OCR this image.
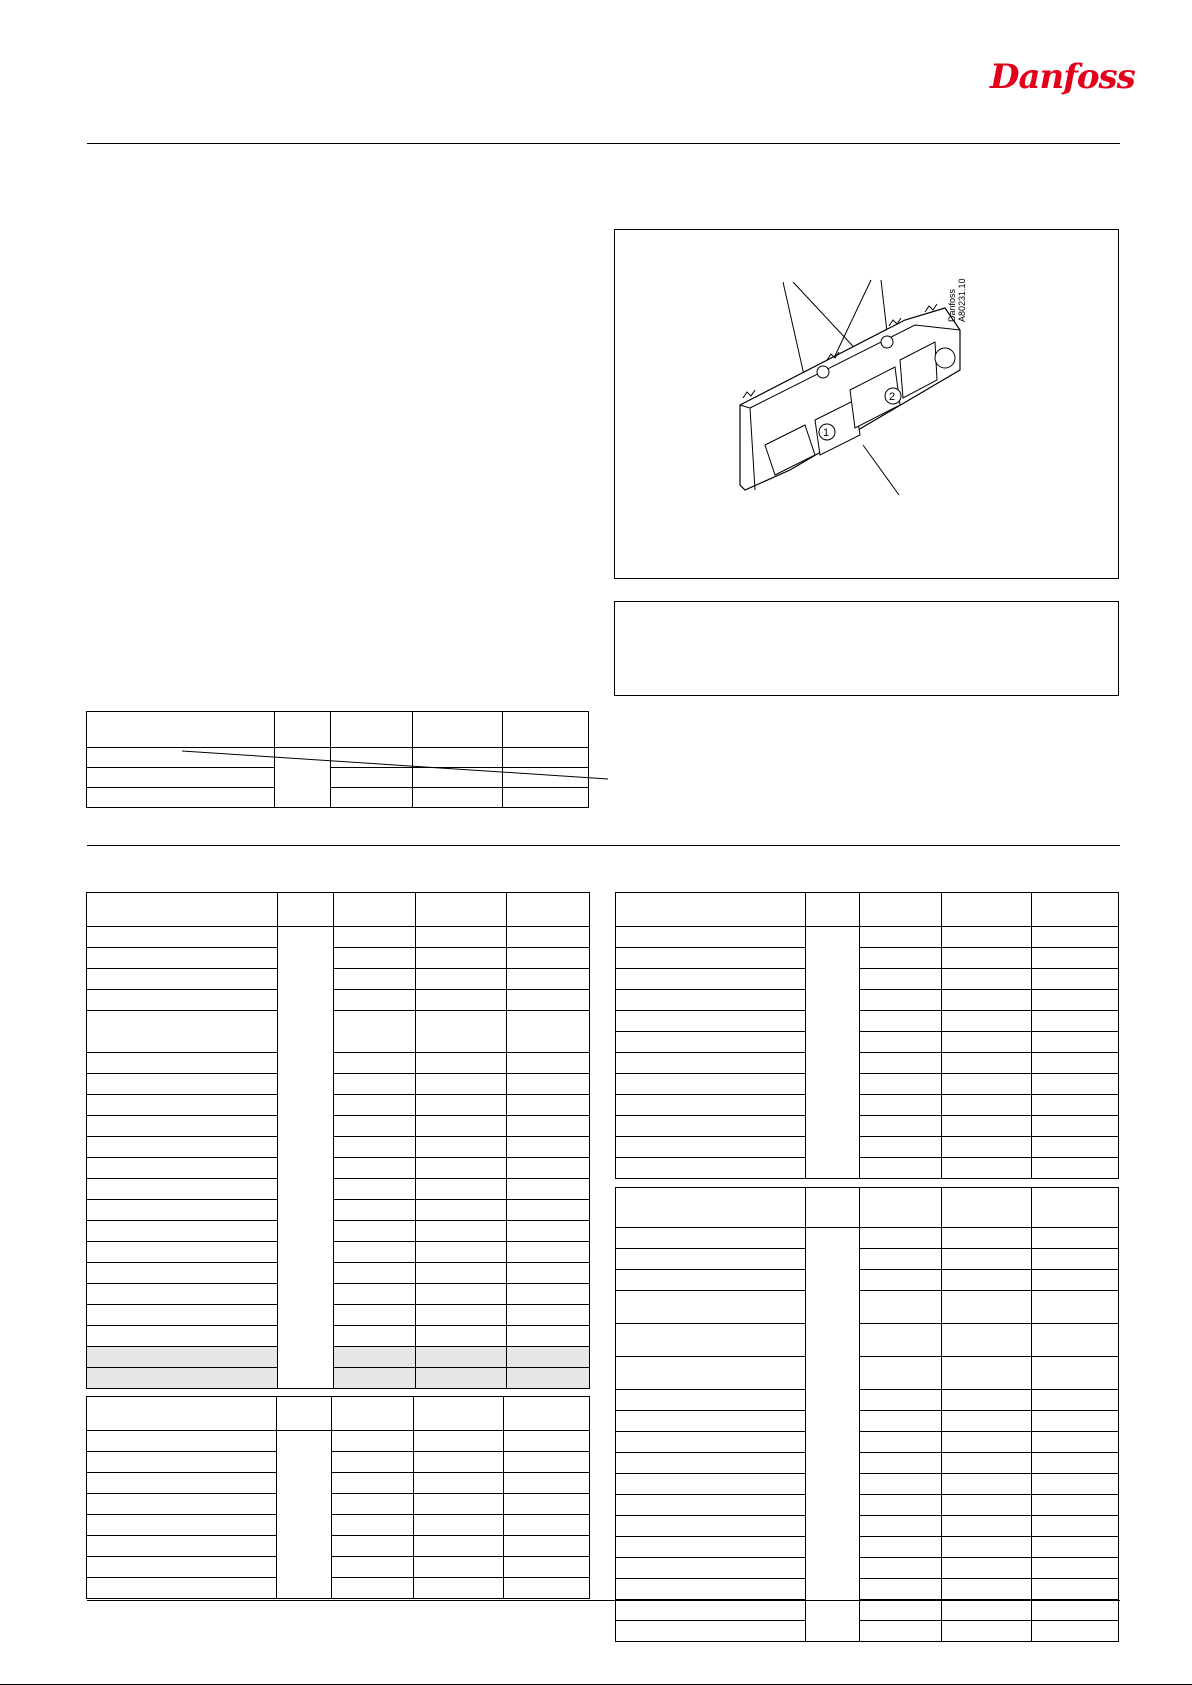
Danfoss
1
2
Danfoss
A80231.10
